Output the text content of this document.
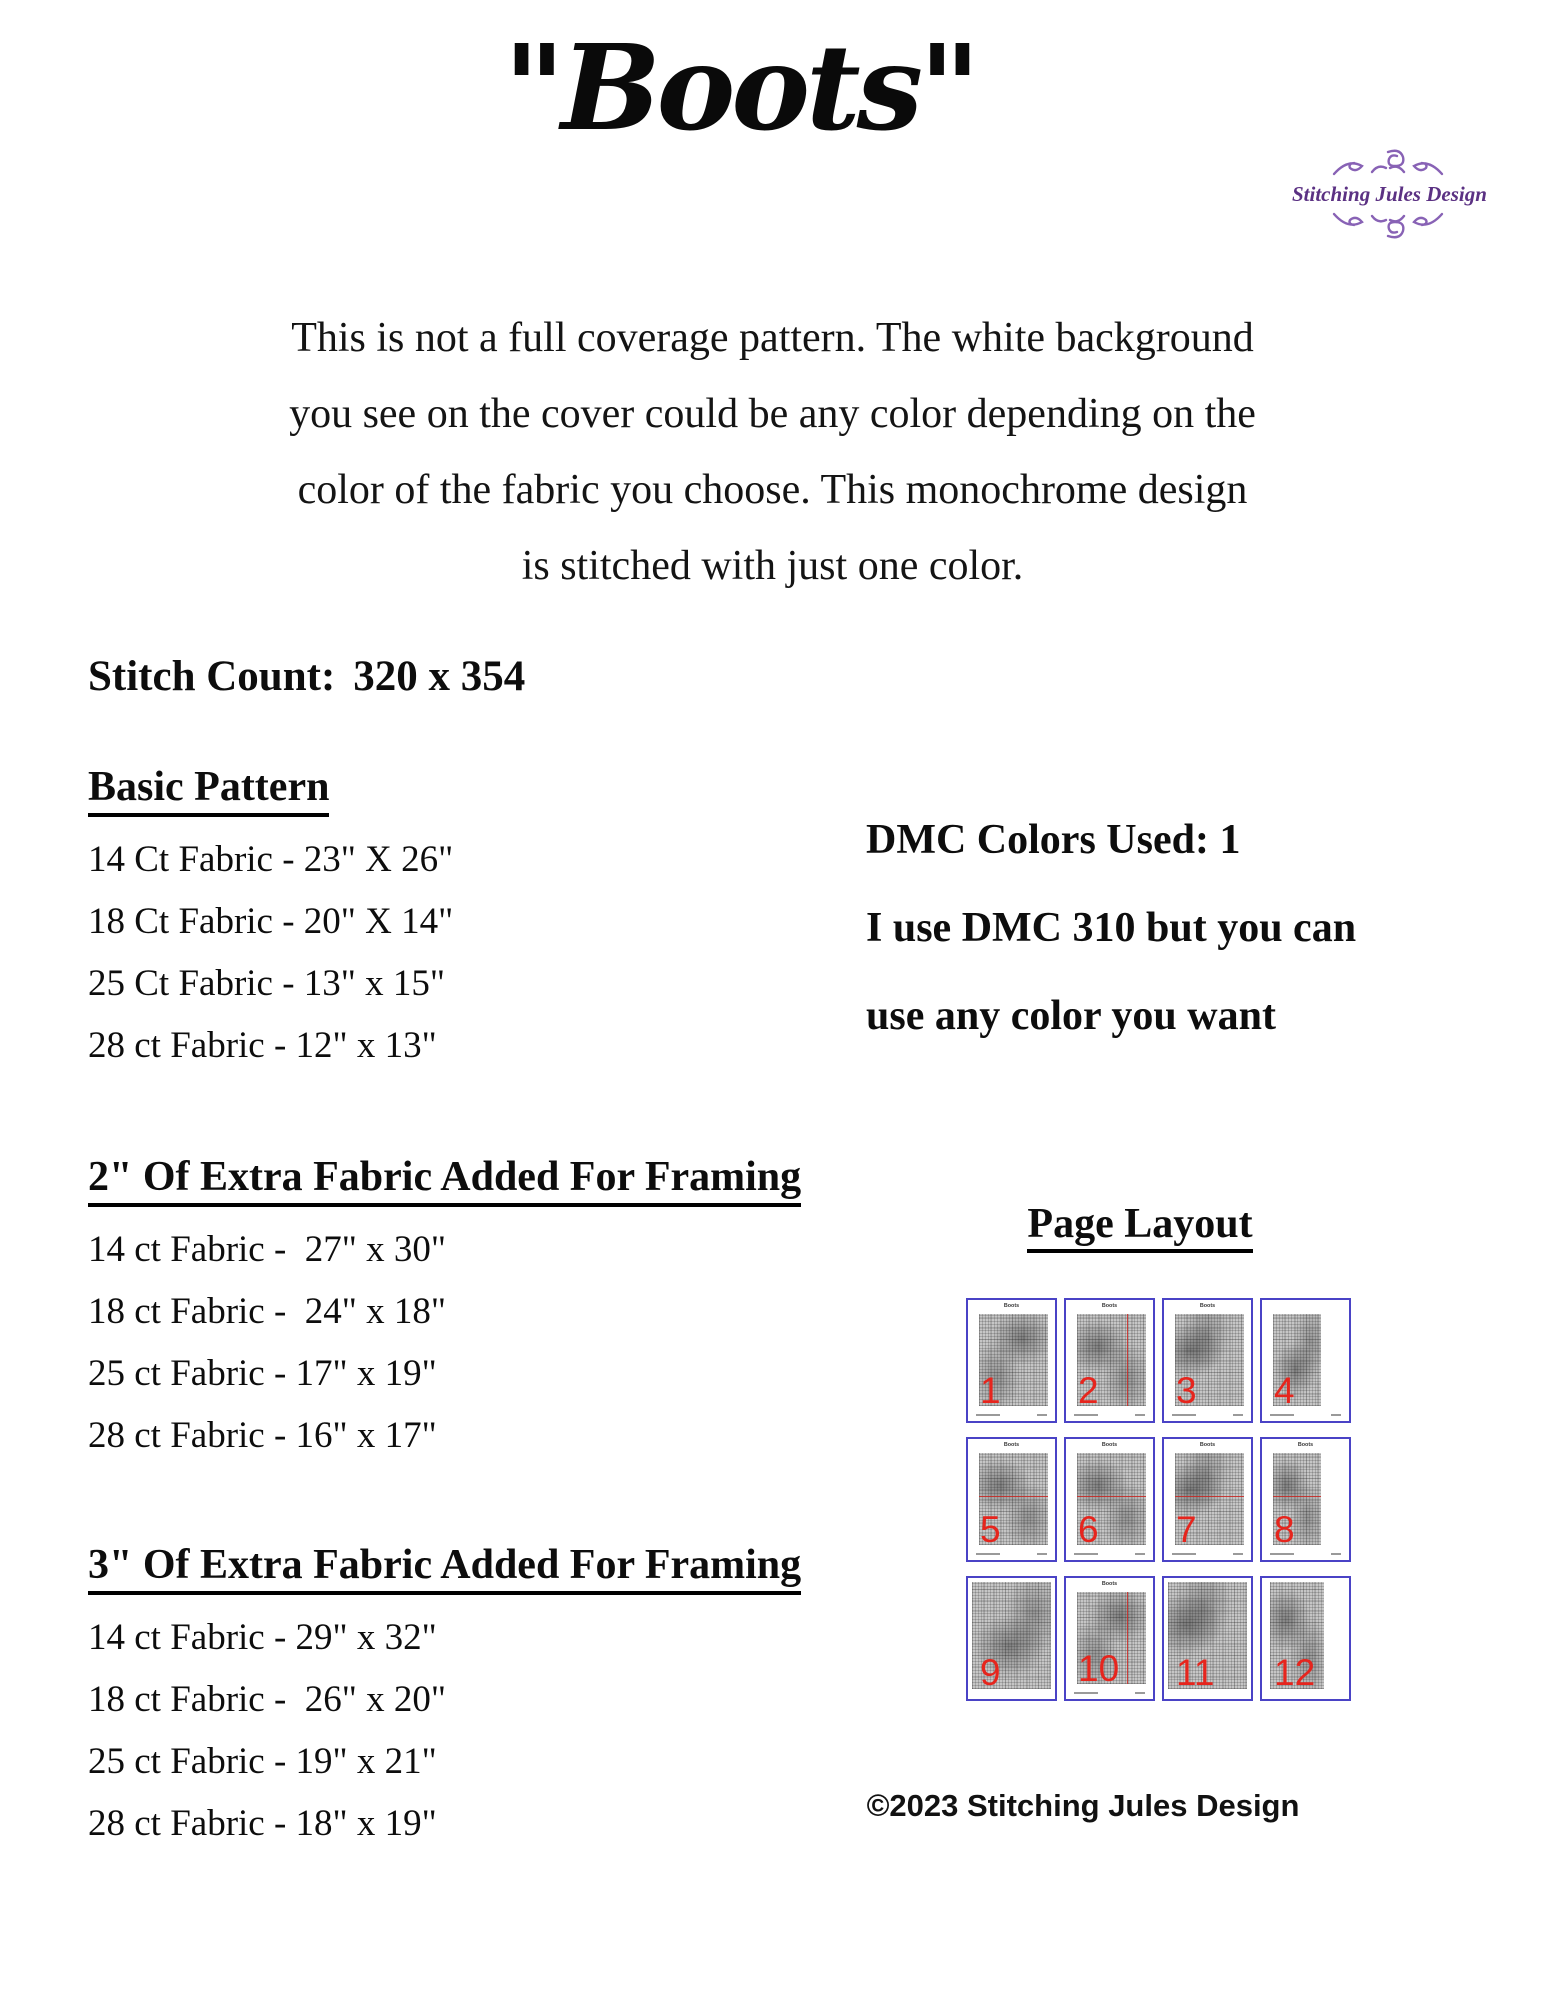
"Boots"
Stitching Jules Design
This is not a full coverage pattern. The white background
you see on the cover could be any color depending on the
color of the fabric you choose. This monochrome design
is stitched with just one color.
Stitch Count: 320 x 354
Basic Pattern
14 Ct Fabric - 23" X 26"
18 Ct Fabric - 20" X 14"
25 Ct Fabric - 13" x 15"
28 ct Fabric - 12" x 13"
2" Of Extra Fabric Added For Framing
14 ct Fabric -  27" x 30"
18 ct Fabric -  24" x 18"
25 ct Fabric - 17" x 19"
28 ct Fabric - 16" x 17"
3" Of Extra Fabric Added For Framing
14 ct Fabric - 29" x 32"
18 ct Fabric -  26" x 20"
25 ct Fabric - 19" x 21"
28 ct Fabric - 18" x 19"
DMC Colors Used: 1
I use DMC 310 but you can
use any color you want
Page Layout
Boots
1
Boots
2
Boots
3 4
Boots
5
Boots
6
Boots
7
Boots
8
9
Boots
10 11 12
©2023 Stitching Jules Design
